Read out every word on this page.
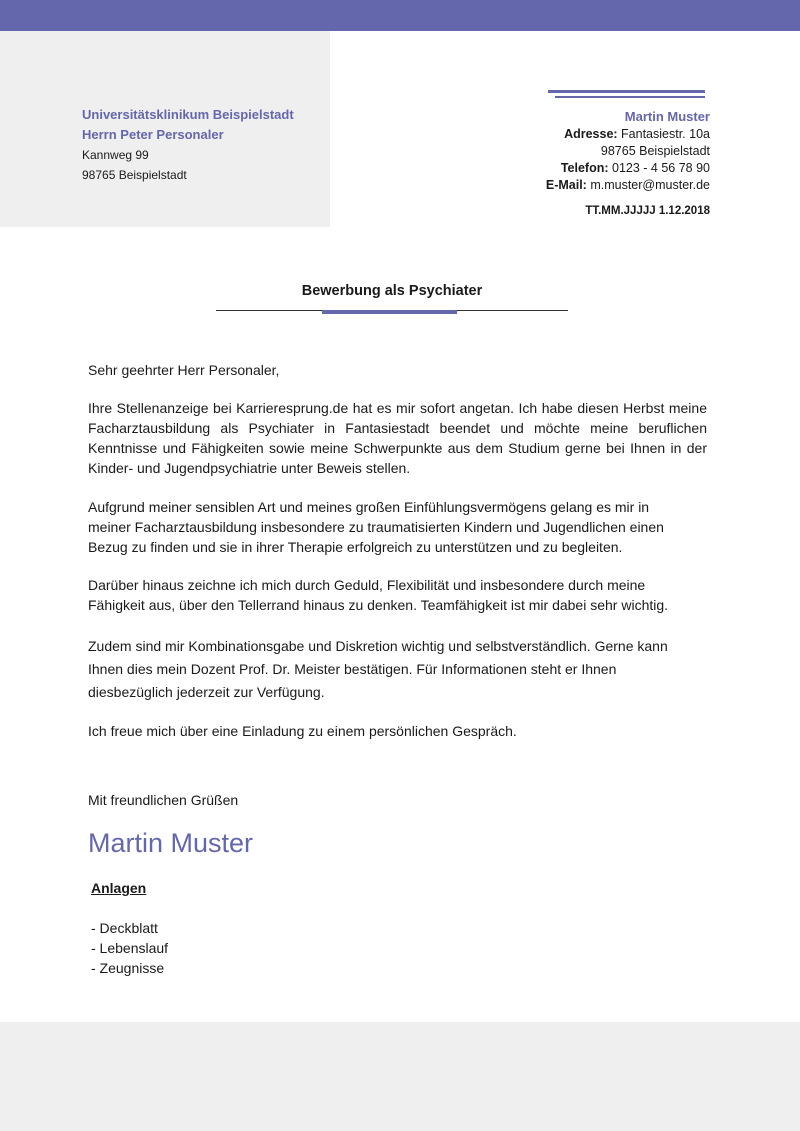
Universitätsklinikum Beispielstadt
Herrn Peter Personaler
Kannweg 99
98765 Beispielstadt
Martin Muster
Adresse: Fantasiestr. 10a
98765 Beispielstadt
Telefon: 0123 - 4 56 78 90
E-Mail: m.muster@muster.de
TT.MM.JJJJJ 1.12.2018
Bewerbung als Psychiater
Sehr geehrter Herr Personaler,
Ihre Stellenanzeige bei Karrieresprung.de hat es mir sofort angetan. Ich habe diesen Herbst meine Facharztausbildung als Psychiater in Fantasiestadt beendet und möchte meine beruflichen Kenntnisse und Fähigkeiten sowie meine Schwerpunkte aus dem Studium gerne bei Ihnen in der Kinder- und Jugendpsychiatrie unter Beweis stellen.
Aufgrund meiner sensiblen Art und meines großen Einfühlungsvermögens gelang es mir in
meiner Facharztausbildung insbesondere zu traumatisierten Kindern und Jugendlichen einen
Bezug zu finden und sie in ihrer Therapie erfolgreich zu unterstützen und zu begleiten.
Darüber hinaus zeichne ich mich durch Geduld, Flexibilität und insbesondere durch meine
Fähigkeit aus, über den Tellerrand hinaus zu denken. Teamfähigkeit ist mir dabei sehr wichtig.
Zudem sind mir Kombinationsgabe und Diskretion wichtig und selbstverständlich. Gerne kann
Ihnen dies mein Dozent Prof. Dr. Meister bestätigen. Für Informationen steht er Ihnen
diesbezüglich jederzeit zur Verfügung.
Ich freue mich über eine Einladung zu einem persönlichen Gespräch.
Mit freundlichen Grüßen
Martin Muster
Anlagen
- Deckblatt
- Lebenslauf
- Zeugnisse
